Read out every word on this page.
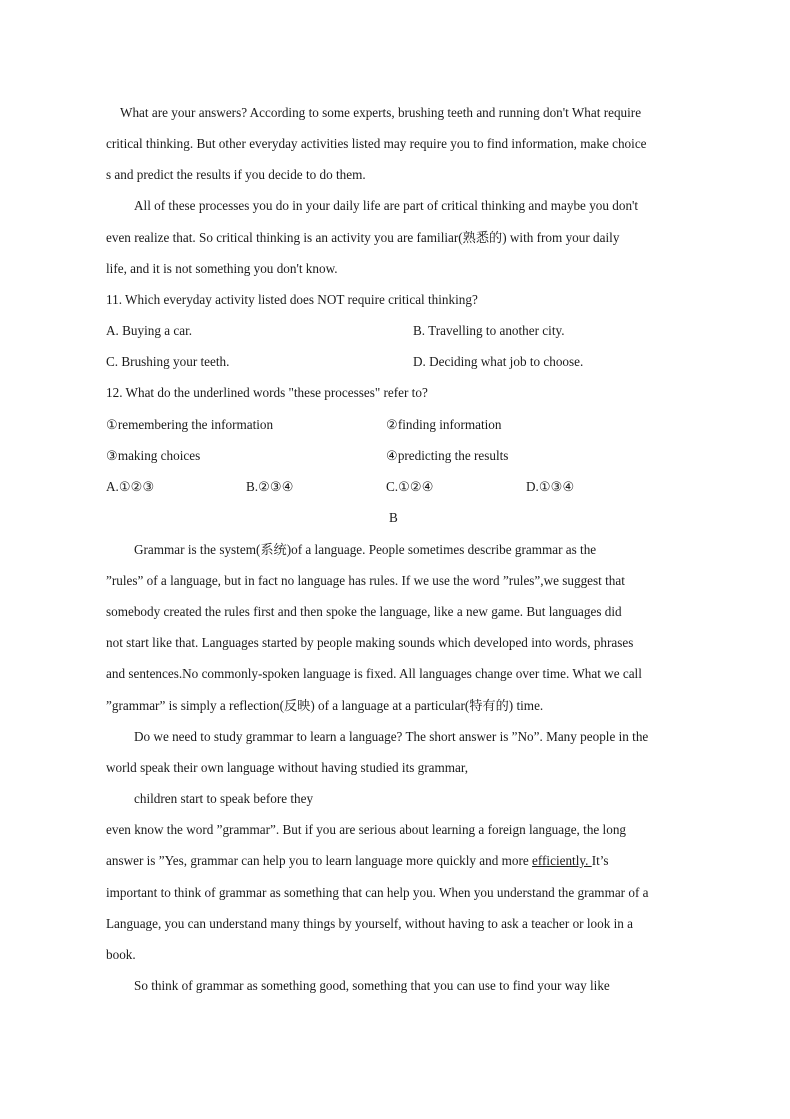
What are your answers? According to some experts, brushing teeth and running don't What require
critical thinking. But other everyday activities listed may require you to find information, make choice
s and predict the results if you decide to do them.
All of these processes you do in your daily life are part of critical thinking and maybe you don't
even realize that. So critical thinking is an activity you are familiar(熟悉的) with from your daily
life, and it is not something you don't know.
11. Which everyday activity listed does NOT require critical thinking?
A. Buying a car.	B. Travelling to another city.
C. Brushing your teeth.	D. Deciding what job to choose.
12. What do the underlined words "these processes" refer to?
①remembering the information	②finding information
③making choices	④predicting the results
A.①②③	B.②③④	C.①②④	D.①③④
B
Grammar is the system(系统)of a language. People sometimes describe grammar as the
”rules” of a language, but in fact no language has rules. If we use the word ”rules”,we suggest that
somebody created the rules first and then spoke the language, like a new game. But languages did
not start like that. Languages started by people making sounds which developed into words, phrases
and sentences.No commonly-spoken language is fixed. All languages change over time. What we call
”grammar” is simply a reflection(反映) of a language at a particular(特有的) time.
Do we need to study grammar to learn a language? The short answer is ”No”. Many people in the
world speak their own language without having studied its grammar,
children start to speak before they
even know the word ”grammar”. But if you are serious about learning a foreign language, the long
answer is ”Yes, grammar can help you to learn language more quickly and more efficiently. It’s
important to think of grammar as something that can help you. When you understand the grammar of a
Language, you can understand many things by yourself, without having to ask a teacher or look in a
book.
So think of grammar as something good, something that you can use to find your way like
